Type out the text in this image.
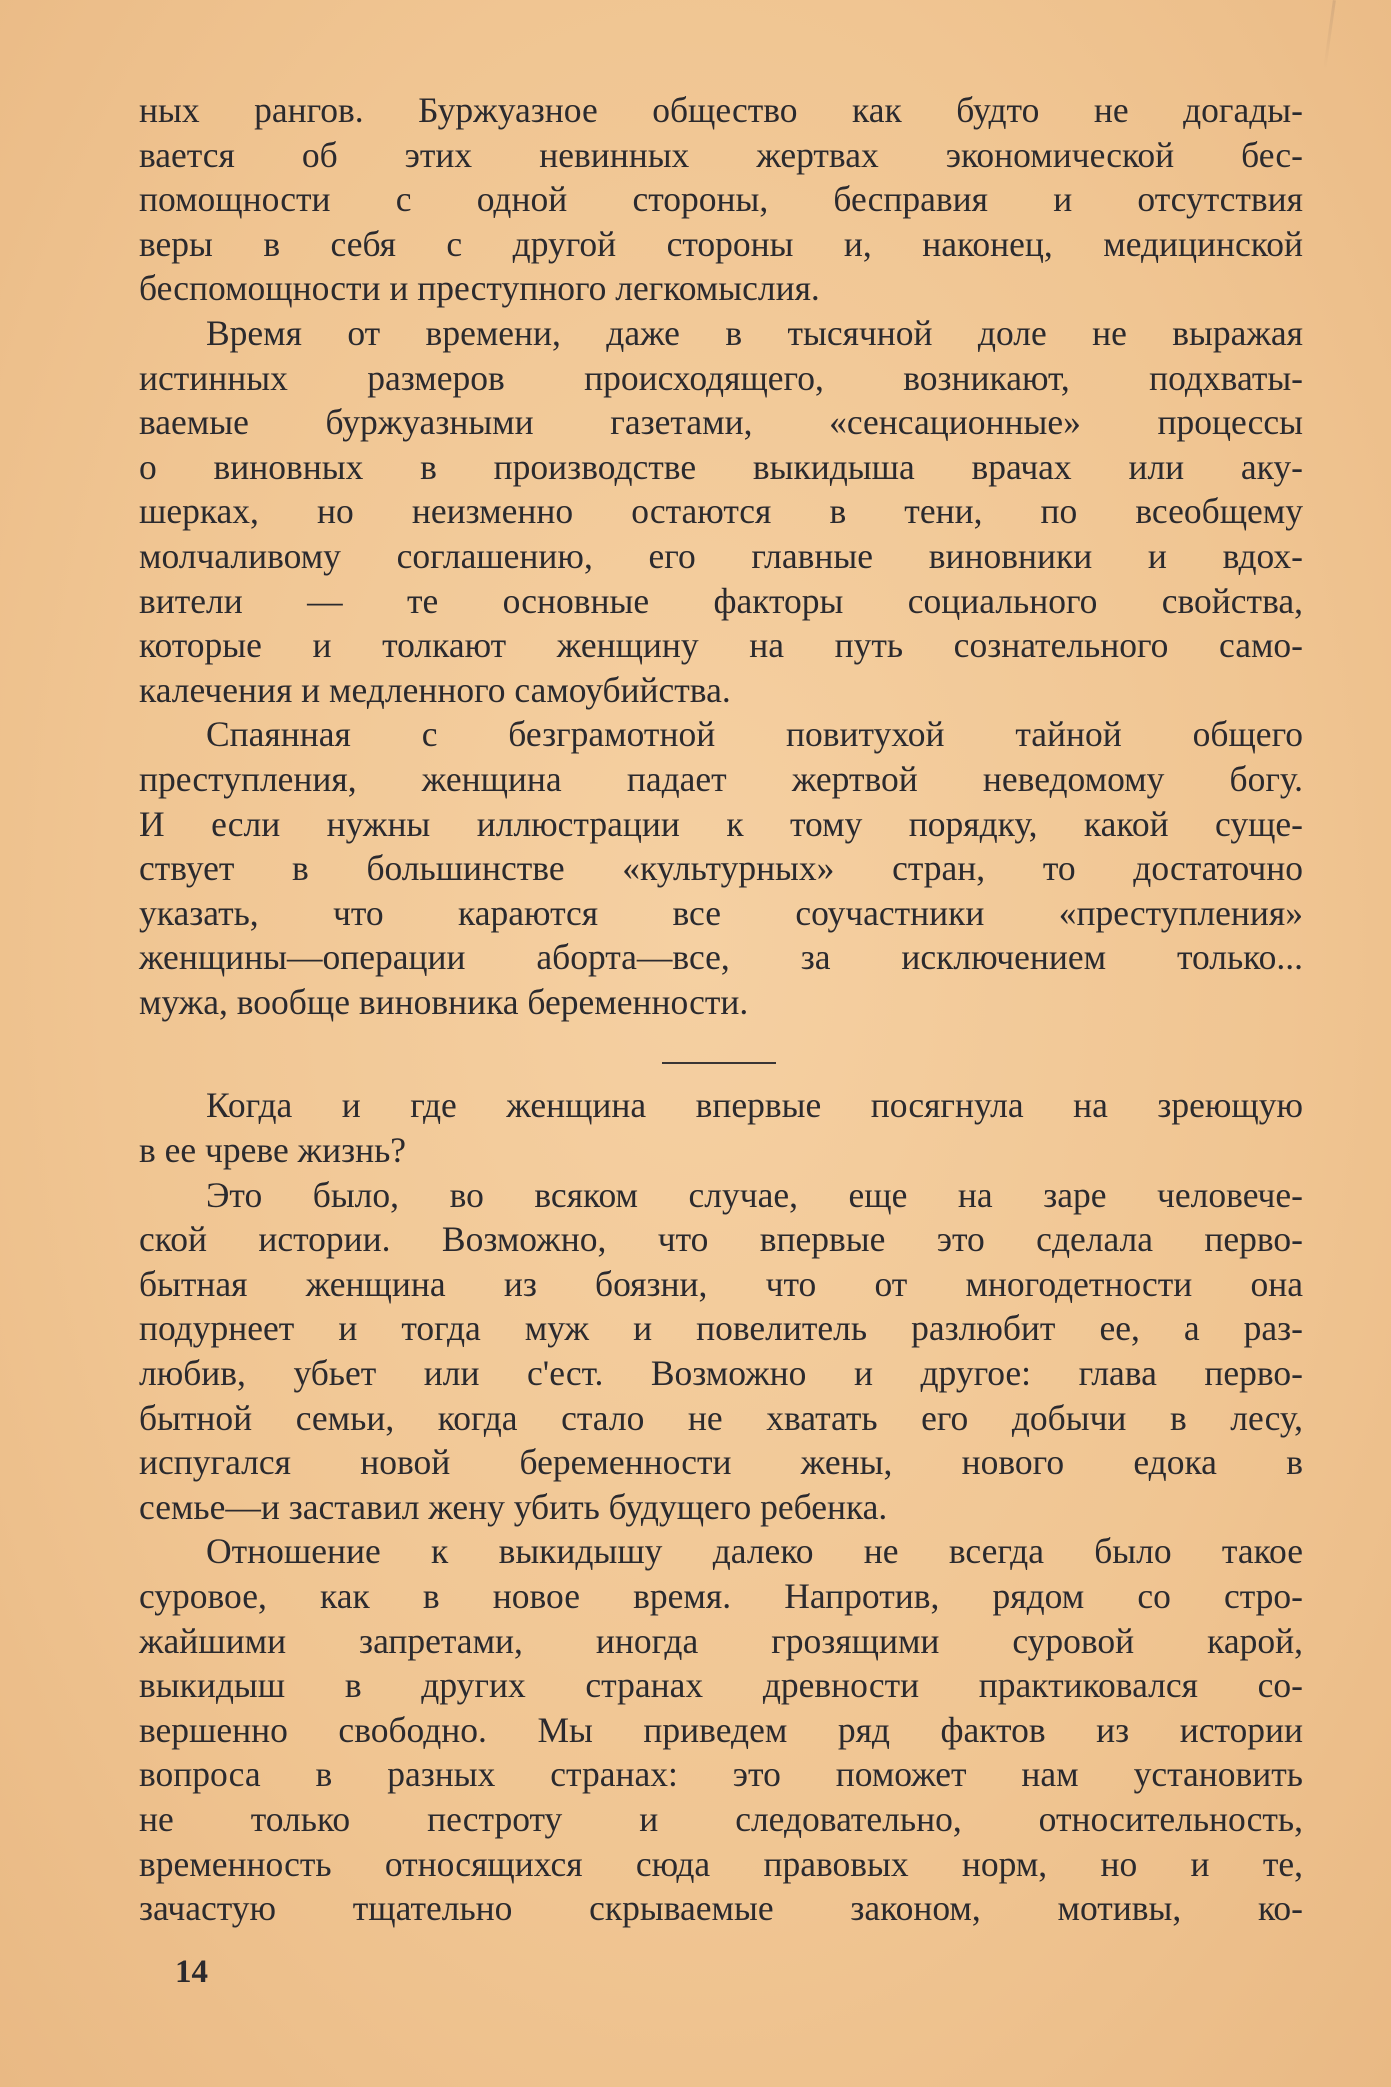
ных рангов. Буржуазное общество как будто не догады-
вается об этих невинных жертвах экономической бес-
помощности с одной стороны, бесправия и отсутствия
веры в себя с другой стороны и, наконец, медицинской
беспомощности и преступного легкомыслия.
Время от времени, даже в тысячной доле не выражая
истинных размеров происходящего, возникают, подхваты-
ваемые буржуазными газетами, «сенсационные» процессы
о виновных в производстве выкидыша врачах или аку-
шерках, но неизменно остаются в тени, по всеобщему
молчаливому соглашению, его главные виновники и вдох-
вители — те основные факторы социального свойства,
которые и толкают женщину на путь сознательного само-
калечения и медленного самоубийства.
Спаянная с безграмотной повитухой тайной общего
преступления, женщина падает жертвой неведомому богу.
И если нужны иллюстрации к тому порядку, какой суще-
ствует в большинстве «культурных» стран, то достаточно
указать, что караются все соучастники «преступления»
женщины—операции аборта—все, за исключением только...
мужа, вообще виновника беременности.
Когда и где женщина впервые посягнула на зреющую
в ее чреве жизнь?
Это было, во всяком случае, еще на заре человече-
ской истории. Возможно, что впервые это сделала перво-
бытная женщина из боязни, что от многодетности она
подурнеет и тогда муж и повелитель разлюбит ее, а раз-
любив, убьет или с'ест. Возможно и другое: глава перво-
бытной семьи, когда стало не хватать его добычи в лесу,
испугался новой беременности жены, нового едока в
семье—и заставил жену убить будущего ребенка.
Отношение к выкидышу далеко не всегда было такое
суровое, как в новое время. Напротив, рядом со стро-
жайшими запретами, иногда грозящими суровой карой,
выкидыш в других странах древности практиковался со-
вершенно свободно. Мы приведем ряд фактов из истории
вопроса в разных странах: это поможет нам установить
не только пестроту и следовательно, относительность,
временность относящихся сюда правовых норм, но и те,
зачастую тщательно скрываемые законом, мотивы, ко-
14
